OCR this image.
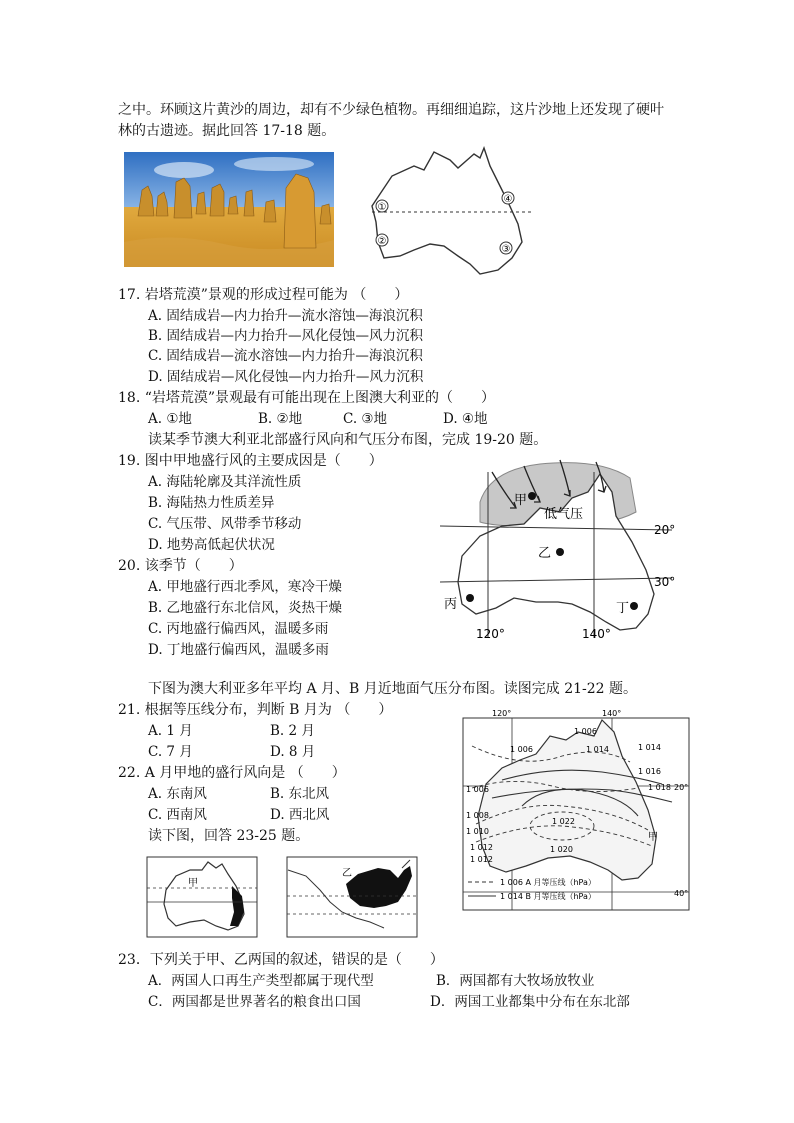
之中。环顾这片黄沙的周边，却有不少绿色植物。再细细追踪，这片沙地上还发现了硬叶
林的古遗迹。据此回答 17-18 题。
①
②
③
④
17. 岩塔荒漠”景观的形成过程可能为 （　　）
A. 固结成岩—内力抬升—流水溶蚀—海浪沉积
B. 固结成岩—内力抬升—风化侵蚀—风力沉积
C. 固结成岩—流水溶蚀—内力抬升—海浪沉积
D. 固结成岩—风化侵蚀—内力抬升—风力沉积
18. “岩塔荒漠”景观最有可能出现在上图澳大利亚的（　　）
A. ①地	B. ②地	C. ③地	D. ④地
读某季节澳大利亚北部盛行风向和气压分布图，完成 19-20 题。
19. 图中甲地盛行风的主要成因是（　　）
A. 海陆轮廓及其洋流性质
B. 海陆热力性质差异
C. 气压带、风带季节移动
D. 地势高低起伏状况
20. 该季节（　　）
A. 甲地盛行西北季风，寒冷干燥
B. 乙地盛行东北信风，炎热干燥
C. 丙地盛行偏西风，温暖多雨
D. 丁地盛行偏西风，温暖多雨
甲
低气压
乙
丙	丁
20°
30°
120°	140°
下图为澳大利亚多年平均 A 月、B 月近地面气压分布图。读图完成 21-22 题。
21. 根据等压线分布，判断 B 月为 （　　）
A. 1 月	B. 2 月
C. 7 月	D. 8 月
22. A 月甲地的盛行风向是 （　　）
A. 东南风	B. 东北风
C. 西南风	D. 西北风
读下图，回答 23-25 题。
120°	140°
20°
40°
1 006
1 006
1 014	1 014
1 016
1 018
1 006
1 008
1 010
1 012
1 012
1 020
1 022
甲
1 006 A 月等压线（hPa）
1 014 B 月等压线（hPa）
甲
乙
23．下列关于甲、乙两国的叙述，错误的是（　　）
A．两国人口再生产类型都属于现代型	B．两国都有大牧场放牧业
C．两国都是世界著名的粮食出口国	D．两国工业都集中分布在东北部
